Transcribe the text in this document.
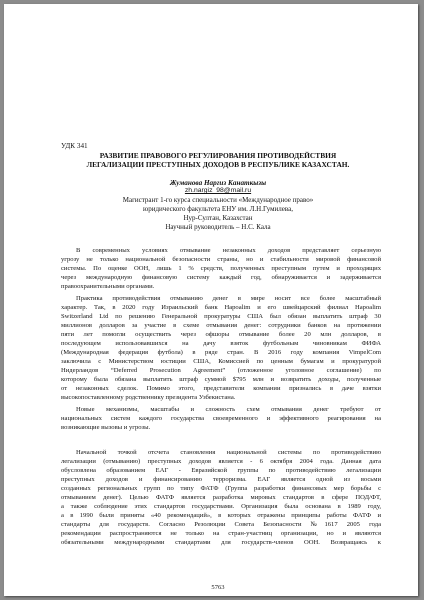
УДК 341

РАЗВИТИЕ ПРАВОВОГО РЕГУЛИРОВАНИЯ ПРОТИВОДЕЙСТВИЯ

ЛЕГАЛИЗАЦИИ ПРЕСТУПНЫХ ДОХОДОВ В РЕСПУБЛИКЕ КАЗАХСТАН.

Жуманова Наргиз Канаткызы

zh.nargiz_98@mail.ru

Магистрант 1-го курса специальности «Международное право»

юридического факультета ЕНУ им. Л.Н.Гумилева,

Нур-Султан, Казахстан

Научный руководитель – Н.С. Кала

В современных условиях отмывание незаконных доходов представляет серьезную

угрозу не только национальной безопасности страны, но и стабильности мировой финансовой

системы. По оценке ООН, лишь 1 % средств, полученных преступным путем и проходящих

через международную финансовую систему каждый год, обнаруживается и задерживается

правоохранительными органами.

Практика противодействия отмыванию денег в мире носит все более масштабный

характер. Так, в 2020 году Израильский банк Hapoalim и его швейцарский филиал Hapoalim

Switzerland Ltd по решению Генеральной прокуратуры США был обязан выплатить штраф 30

миллионов долларов за участие в схеме отмывания денег: сотрудники банков на протяжении

пяти лет помогли осуществить через офшоры отмывание более 20 млн долларов, в

последующем использовавшихся на дачу взяток футбольным чиновникам ФИФА

(Международная федерация футбола) в ряде стран. В 2016 году компания VimpelCom

заключила с Министерством юстиции США, Комиссией по ценным бумагам и прокуратурой

Нидерландов “Deferred Prosecution Agreement” (отложенное уголовное соглашение) по

которому была обязана выплатить штраф суммой $795 млн и возвратить доходы, полученные

от незаконных сделок. Помимо этого, представители компании признались в даче взятки

высокопоставленному родственнику президента Узбекистана.

Новые механизмы, масштабы и сложность схем отмывания денег требуют от

национальных систем каждого государства своевременного и эффективного реагирования на

возникающие вызовы и угрозы.

Начальной точкой отсчета становления национальной системы по противодействию

легализации (отмыванию) преступных доходов является - 6 октября 2004 года. Данная дата

обусловлена образованием ЕАГ - Евразийской группы по противодействию легализации

преступных доходов и финансированию терроризма. ЕАГ является одной из восьми

созданных региональных групп по типу ФАТФ (Группа разработки финансовых мер борьбы с

отмыванием денег). Целью ФАТФ является разработка мировых стандартов в сфере ПОД/ФТ,

а также соблюдение этих стандартов государствами. Организация была основана в 1989 году,

а в 1990 были приняты «40 рекомендаций», в которых отражены принципы работы ФАТФ и

стандарты для государств. Согласно Резолюции Совета Безопасности №1617 2005 года

рекомендации распространяются не только на стран-участниц организации, но и являются

обязательными международными стандартами для государств-членов ООН. Возвращаясь к

5763
